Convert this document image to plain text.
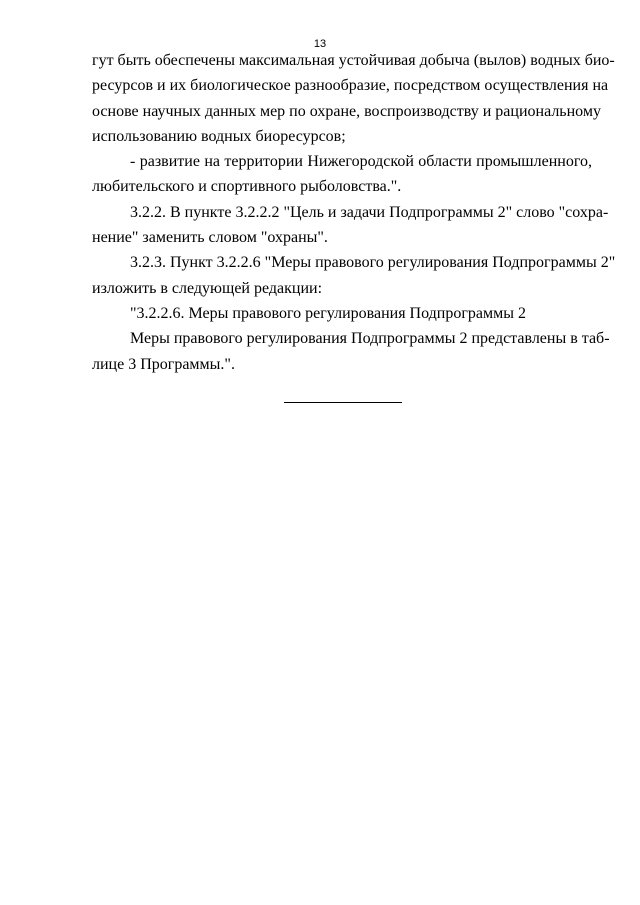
13

гут быть обеспечены максимальная устойчивая добыча (вылов) водных био-
ресурсов и их биологическое разнообразие, посредством осуществления на
основе научных данных мер по охране, воспроизводству и рациональному
использованию водных биоресурсов;

- развитие на территории Нижегородской области промышленного,
любительского и спортивного рыболовства.".

3.2.2. В пункте 3.2.2.2 "Цель и задачи Подпрограммы 2" слово "сохра-
нение" заменить словом "охраны".

3.2.3. Пункт 3.2.2.6 "Меры правового регулирования Подпрограммы 2"
изложить в следующей редакции:

"3.2.2.6. Меры правового регулирования Подпрограммы 2

Меры правового регулирования Подпрограммы 2 представлены в таб-
лице 3 Программы.".
